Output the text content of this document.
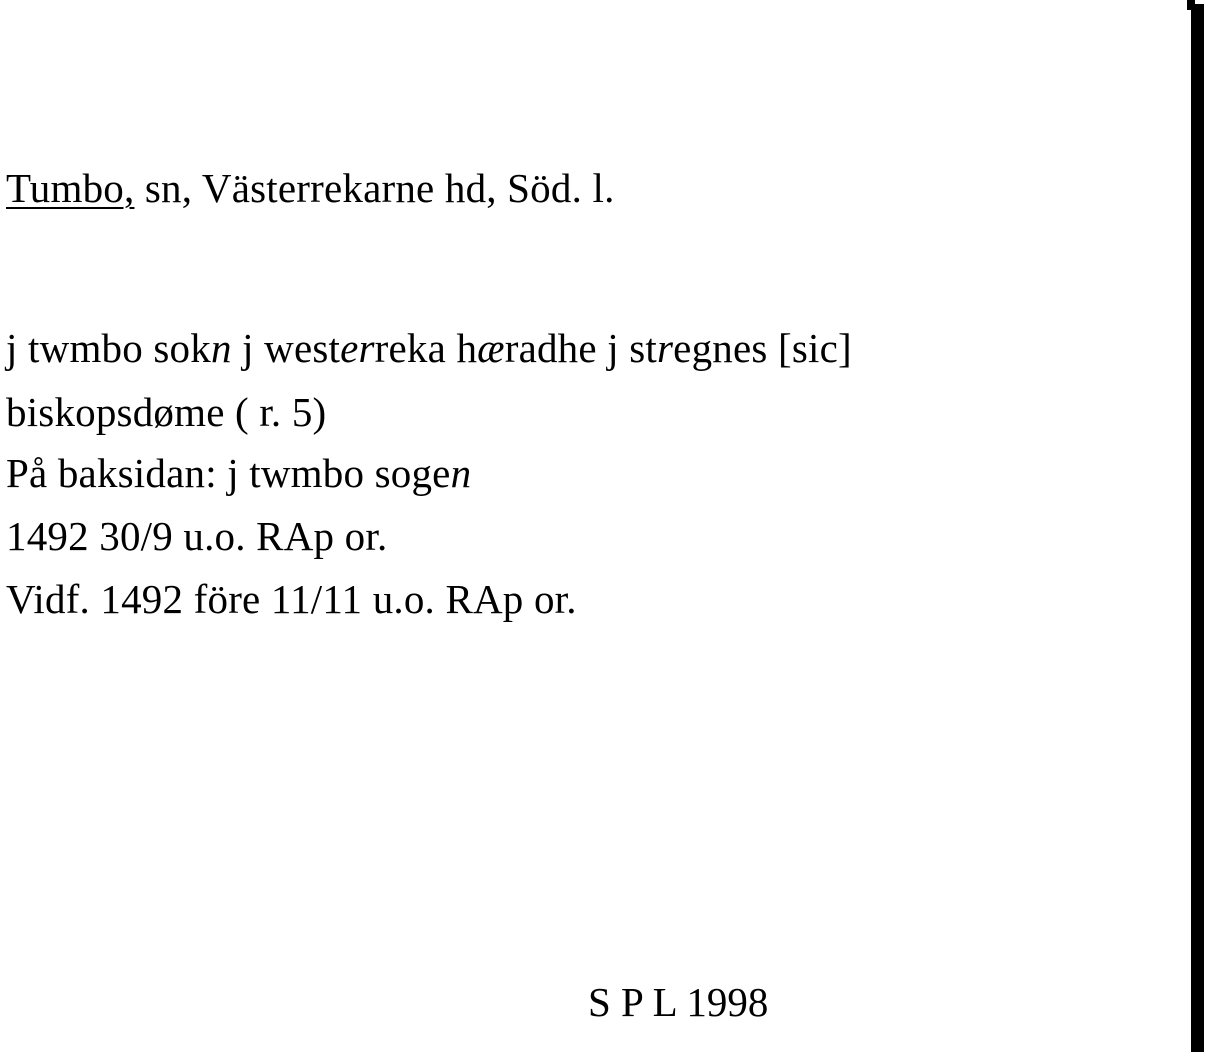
Tumbo, sn, Västerrekarne hd, Söd. l.
j twmbo sokn j westerreka hæradhe j stregnes [sic]
biskopsdøme ( r. 5)
På baksidan: j twmbo sogen
1492 30/9 u.o. RAp or.
Vidf. 1492 före 11/11 u.o. RAp or.
S P L 1998
